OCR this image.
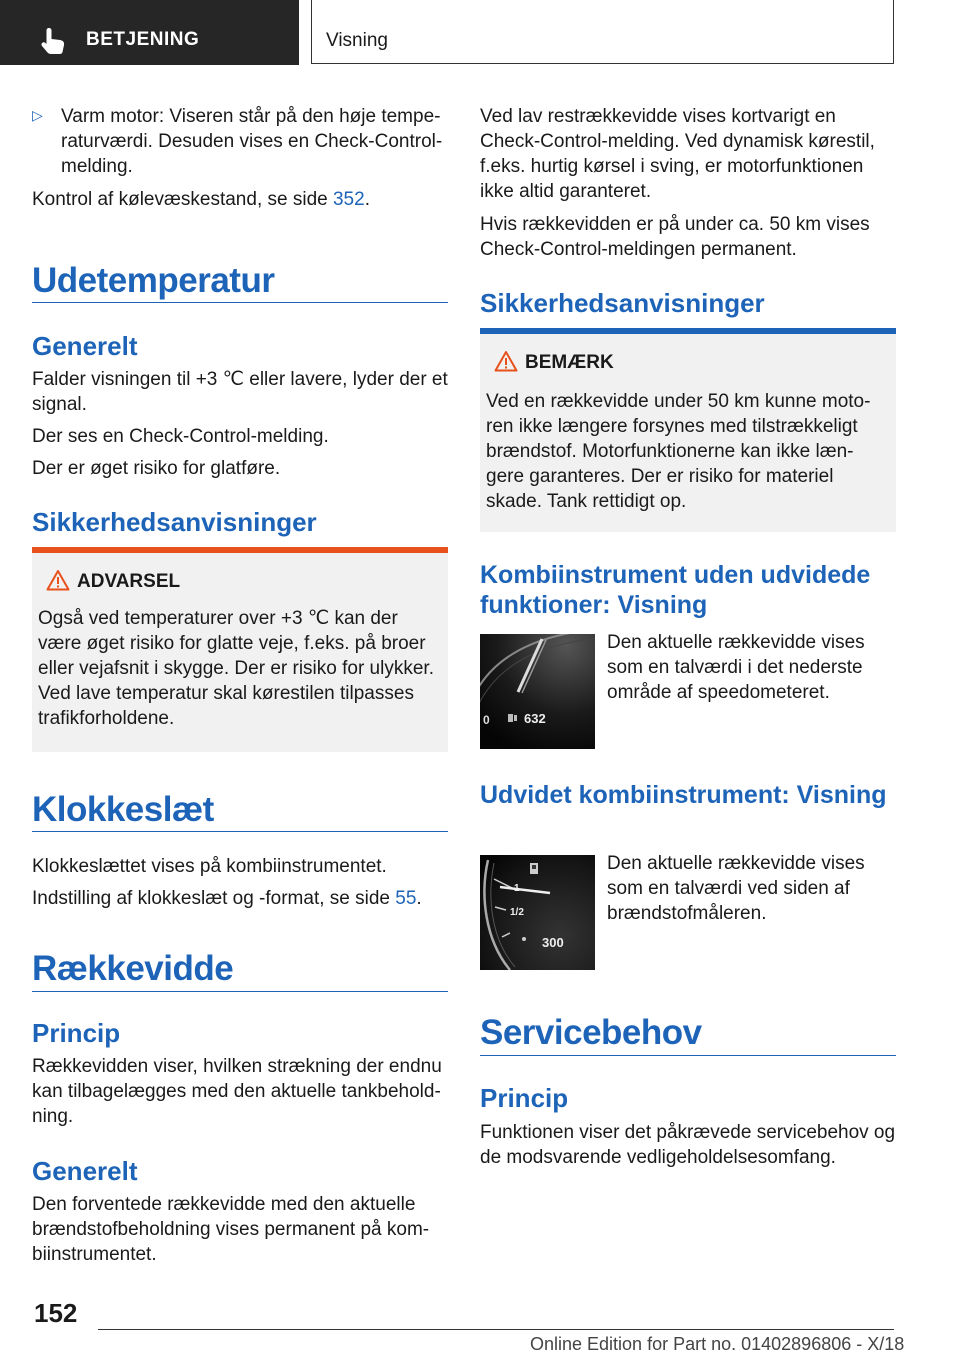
BETJENING	Visning
▷ Varm motor: Viseren står på den høje tempe-
raturværdi. Desuden vises en Check-Control-
melding.

Kontrol af kølevæskestand, se side 352.

Udetemperatur
Generelt

Falder visningen til +3 ℃ eller lavere, lyder der et signal.

Der ses en Check-Control-melding.

Der er øget risiko for glatføre.

Sikkerhedsanvisninger
ADVARSEL

Også ved temperaturer over +3 ℃ kan der være øget risiko for glatte veje, f.eks. på broer eller vejafsnit i skygge. Der er risiko for ulykker. Ved lave temperatur skal kørestilen tilpasses trafikforholdene.

Klokkeslæt

Klokkeslættet vises på kombiinstrumentet.

Indstilling af klokkeslæt og -format, se side 55.

Rækkevidde
Princip

Rækkevidden viser, hvilken strækning der endnu kan tilbagelægges med den aktuelle tankbehold-
ning.

Generelt

Den forventede rækkevidde med den aktuelle brændstofbeholdning vises permanent på kom-
biinstrumentet.

Ved lav restrækkevidde vises kortvarigt en Check-Control-melding. Ved dynamisk kørestil, f.eks. hurtig kørsel i sving, er motorfunktionen ikke altid garanteret.

Hvis rækkevidden er på under ca. 50 km vises Check-Control-meldingen permanent.

Sikkerhedsanvisninger
BEMÆRK

Ved en rækkevidde under 50 km kunne moto-
ren ikke længere forsynes med tilstrækkeligt brændstof. Motorfunktionerne kan ikke læn-
gere garanteres. Der er risiko for materiel skade. Tank rettidigt op.

Kombiinstrument uden udvidede funktioner: Visning
0	632

Den aktuelle rækkevidde vises som en talværdi i det nederste område af speedometeret.

Udvidet kombiinstrument: Visning
1
1/2
300

Den aktuelle rækkevidde vises som en talværdi ved siden af brændstofmåleren.

Servicebehov
Princip

Funktionen viser det påkrævede servicebehov og de modsvarende vedligeholdelsesomfang.

152
Online Edition for Part no. 01402896806 - X/18
